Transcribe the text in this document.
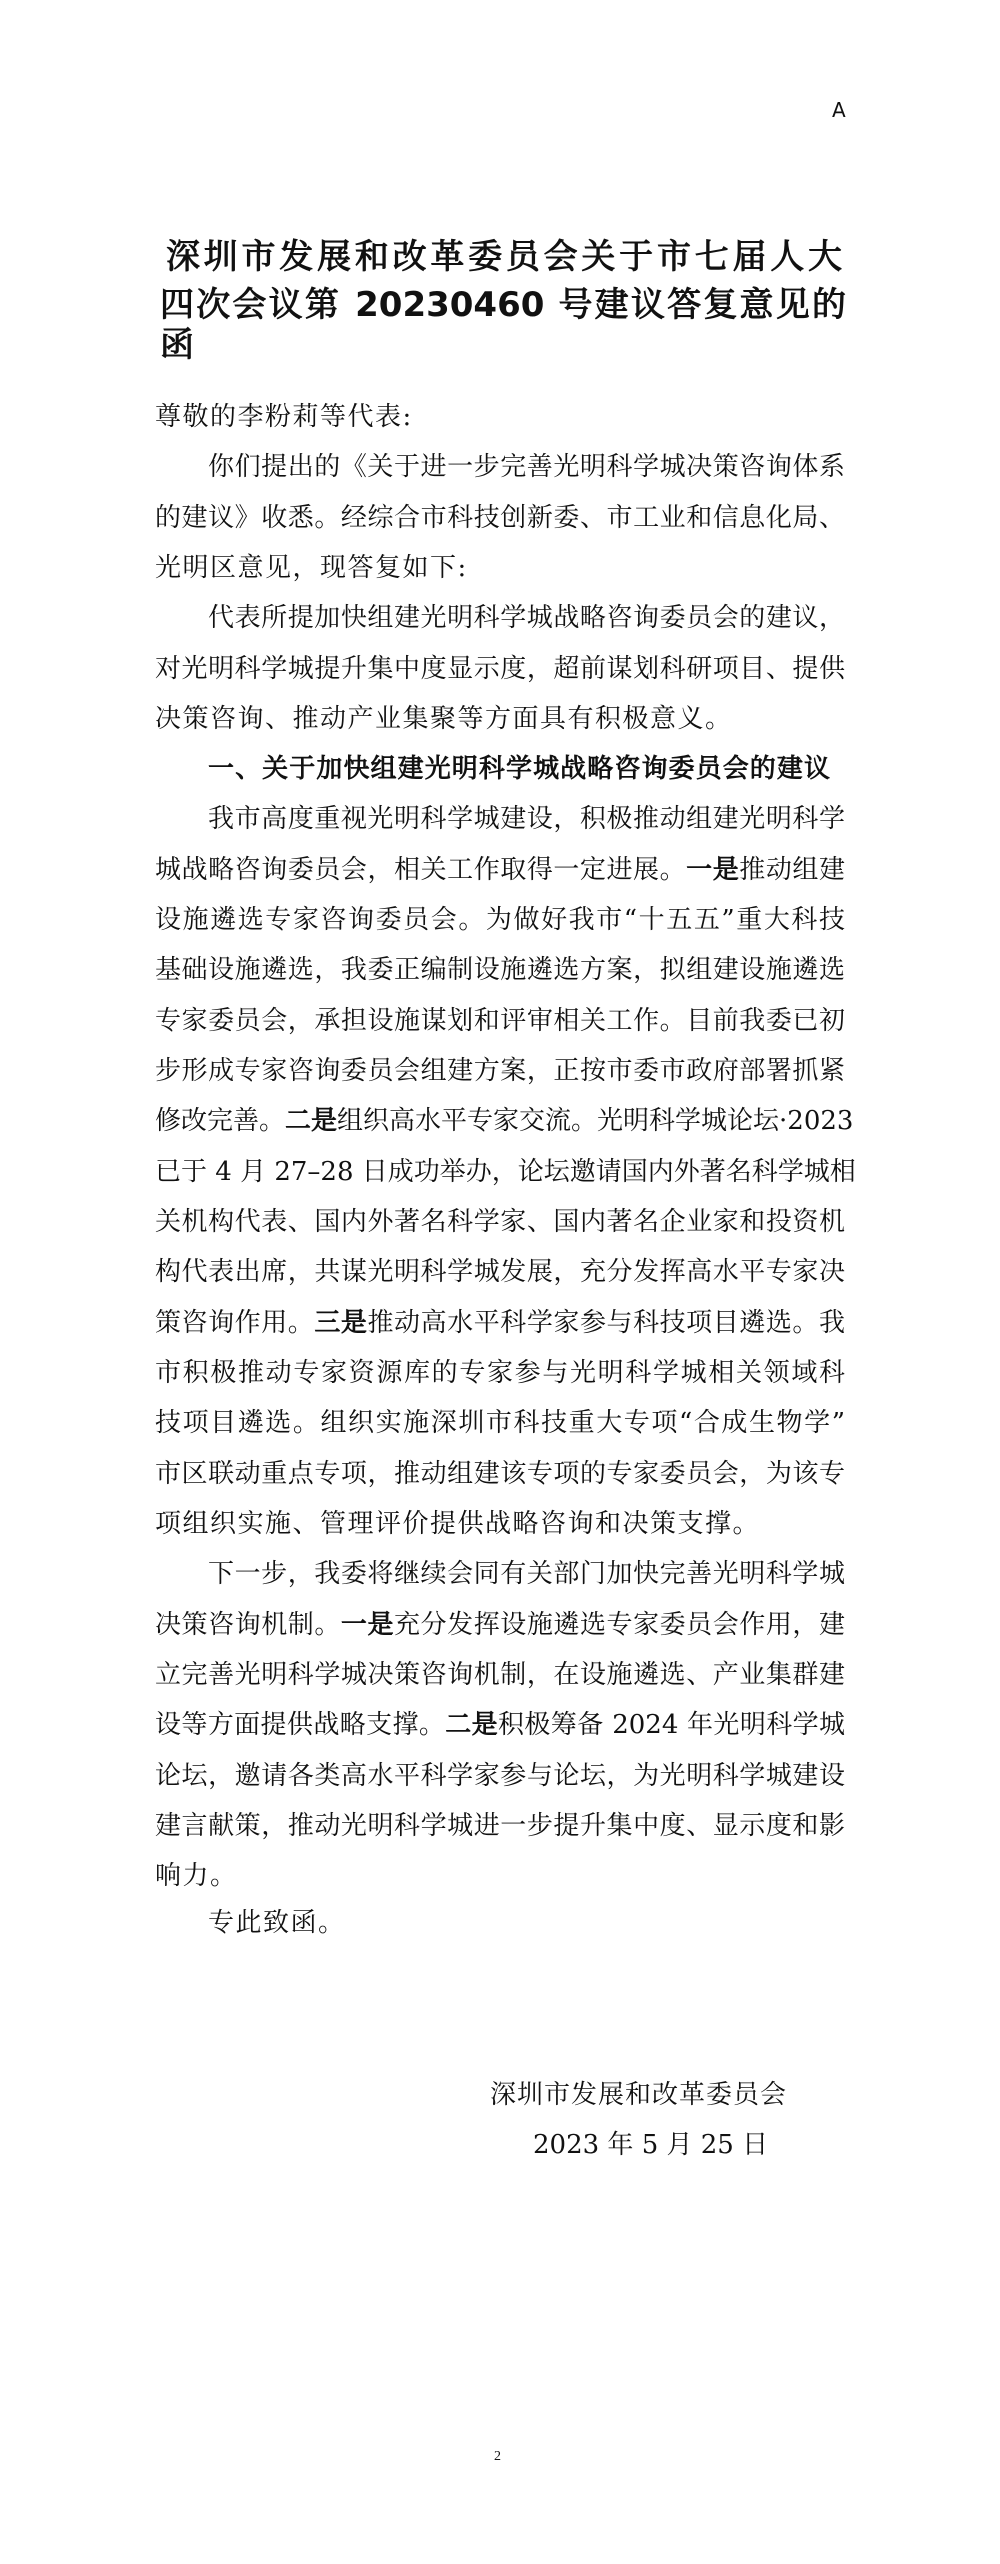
A
深圳市发展和改革委员会关于市七届人大
四次会议第 20230460 号建议答复意见的函
尊敬的李粉莉等代表:
你们提出的《关于进一步完善光明科学城决策咨询体系
的建议》收悉。经综合市科技创新委、市工业和信息化局、
光明区意见，现答复如下:
代表所提加快组建光明科学城战略咨询委员会的建议，
对光明科学城提升集中度显示度，超前谋划科研项目、提供
决策咨询、推动产业集聚等方面具有积极意义。
一、关于加快组建光明科学城战略咨询委员会的建议
我市高度重视光明科学城建设，积极推动组建光明科学
城战略咨询委员会，相关工作取得一定进展。一是推动组建
设施遴选专家咨询委员会。为做好我市“十五五”重大科技
基础设施遴选，我委正编制设施遴选方案，拟组建设施遴选
专家委员会，承担设施谋划和评审相关工作。目前我委已初
步形成专家咨询委员会组建方案，正按市委市政府部署抓紧
修改完善。二是组织高水平专家交流。光明科学城论坛·2023
已于 4 月 27–28 日成功举办，论坛邀请国内外著名科学城相
关机构代表、国内外著名科学家、国内著名企业家和投资机
构代表出席，共谋光明科学城发展，充分发挥高水平专家决
策咨询作用。三是推动高水平科学家参与科技项目遴选。我
市积极推动专家资源库的专家参与光明科学城相关领域科
技项目遴选。组织实施深圳市科技重大专项“合成生物学”
市区联动重点专项，推动组建该专项的专家委员会，为该专
项组织实施、管理评价提供战略咨询和决策支撑。
下一步，我委将继续会同有关部门加快完善光明科学城
决策咨询机制。一是充分发挥设施遴选专家委员会作用，建
立完善光明科学城决策咨询机制，在设施遴选、产业集群建
设等方面提供战略支撑。二是积极筹备 2024 年光明科学城
论坛，邀请各类高水平科学家参与论坛，为光明科学城建设
建言献策，推动光明科学城进一步提升集中度、显示度和影
响力。
专此致函。
深圳市发展和改革委员会
2023 年 5 月 25 日
2
